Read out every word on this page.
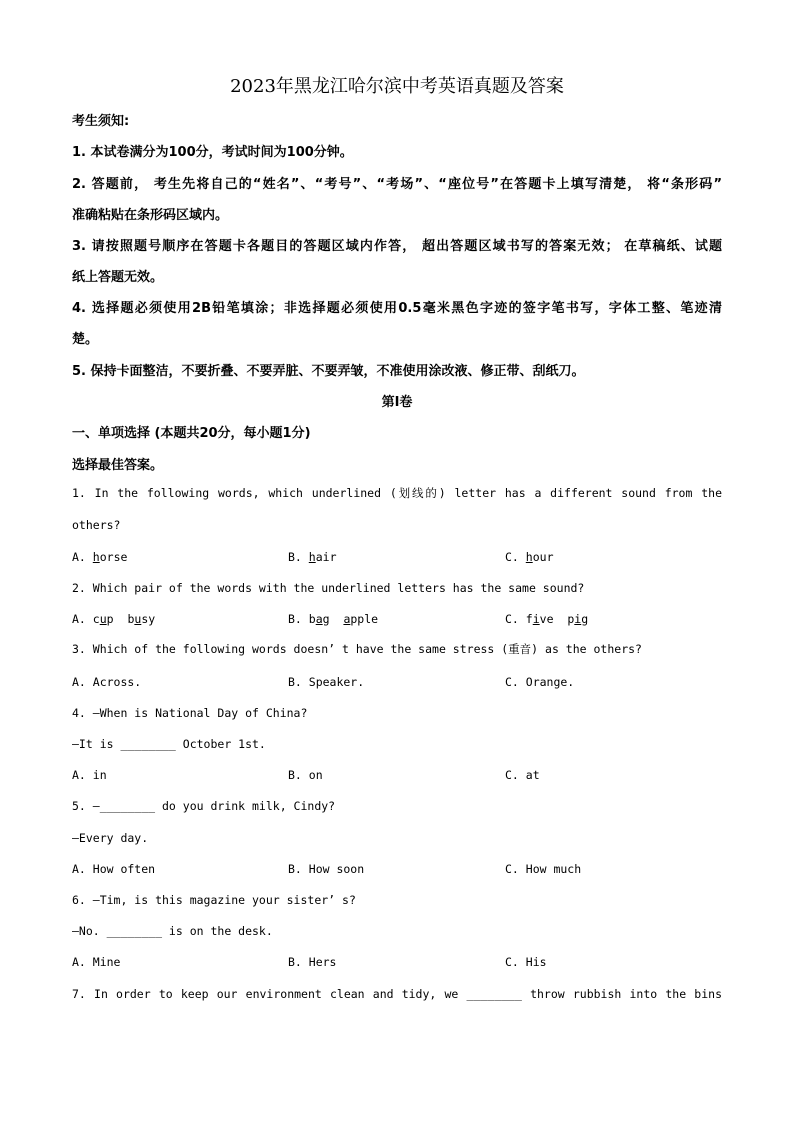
2023年黑龙江哈尔滨中考英语真题及答案
考生须知:
1. 本试卷满分为100分，考试时间为100分钟。
2. 答题前， 考生先将自己的“姓名”、“考号”、“考场”、“座位号”在答题卡上填写清楚， 将“条形码”
准确粘贴在条形码区域内。
3. 请按照题号顺序在答题卡各题目的答题区域内作答， 超出答题区域书写的答案无效； 在草稿纸、试题
纸上答题无效。
4. 选择题必须使用2B铅笔填涂；非选择题必须使用0.5毫米黑色字迹的签字笔书写，字体工整、笔迹清
楚。
5. 保持卡面整洁，不要折叠、不要弄脏、不要弄皱，不准使用涂改液、修正带、刮纸刀。
第I卷
一、单项选择 (本题共20分，每小题1分)
选择最佳答案。
1. In the following words, which underlined (划线的) letter has a different sound from the
others?
A. horse	B. hair	C. hour
2. Which pair of the words with the underlined letters has the same sound?
A. cup  busy	B. bag  apple	C. five  pig
3. Which of the following words doesn’ t have the same stress (重音) as the others?
A. Across.	B. Speaker.	C. Orange.
4. —When is National Day of China?
—It is ________ October 1st.
A. in	B. on	C. at
5. —________ do you drink milk, Cindy?
—Every day.
A. How often	B. How soon	C. How much
6. —Tim, is this magazine your sister’ s?
—No. ________ is on the desk.
A. Mine	B. Hers	C. His
7. In order to keep our environment clean and tidy, we ________ throw rubbish into the bins
